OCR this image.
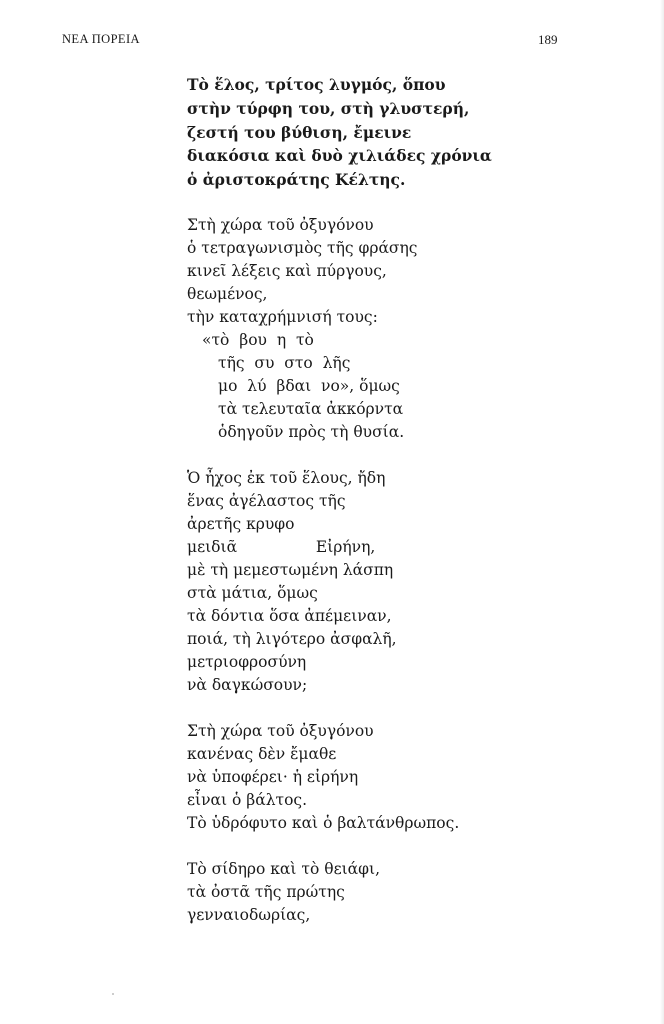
ΝΕΑ ΠΟΡΕΙΑ	189
Τὸ ἕλος, τρίτος λυγμός, ὅπου
στὴν τύρφη του, στὴ γλυστερή,
ζεστή του βύθιση, ἔμεινε
διακόσια καὶ δυὸ χιλιάδες χρόνια
ὁ ἀριστοκράτης Κέλτης.
Στὴ χώρα τοῦ ὀξυγόνου
ὁ τετραγωνισμὸς τῆς φράσης
κινεῖ λέξεις καὶ πύργους,
θεωμένος,
τὴν καταχρήμνισή τους:
«τὸ  βου  η  τὸ
τῆς  συ  στο  λῆς
μο  λύ  βδαι  νο», ὅμως
τὰ τελευταῖα ἀκκόρντα
ὁδηγοῦν πρὸς τὴ θυσία.
Ὁ ἦχος ἐκ τοῦ ἕλους, ἤδη
ἕνας ἀγέλαστος τῆς
ἀρετῆς κρυφο
μειδιᾶ                Εἰρήνη,
μὲ τὴ μεμεστωμένη λάσπη
στὰ μάτια, ὅμως
τὰ δόντια ὅσα ἀπέμειναν,
ποιά, τὴ λιγότερο ἀσφαλῆ,
μετριοφροσύνη
νὰ δαγκώσουν;
Στὴ χώρα τοῦ ὀξυγόνου
κανένας δὲν ἔμαθε
νὰ ὑποφέρει· ἡ εἰρήνη
εἶναι ὁ βάλτος.
Τὸ ὑδρόφυτο καὶ ὁ βαλτάνθρωπος.
Τὸ σίδηρο καὶ τὸ θειάφι,
τὰ ὀστᾶ τῆς πρώτης
γενναιοδωρίας,
